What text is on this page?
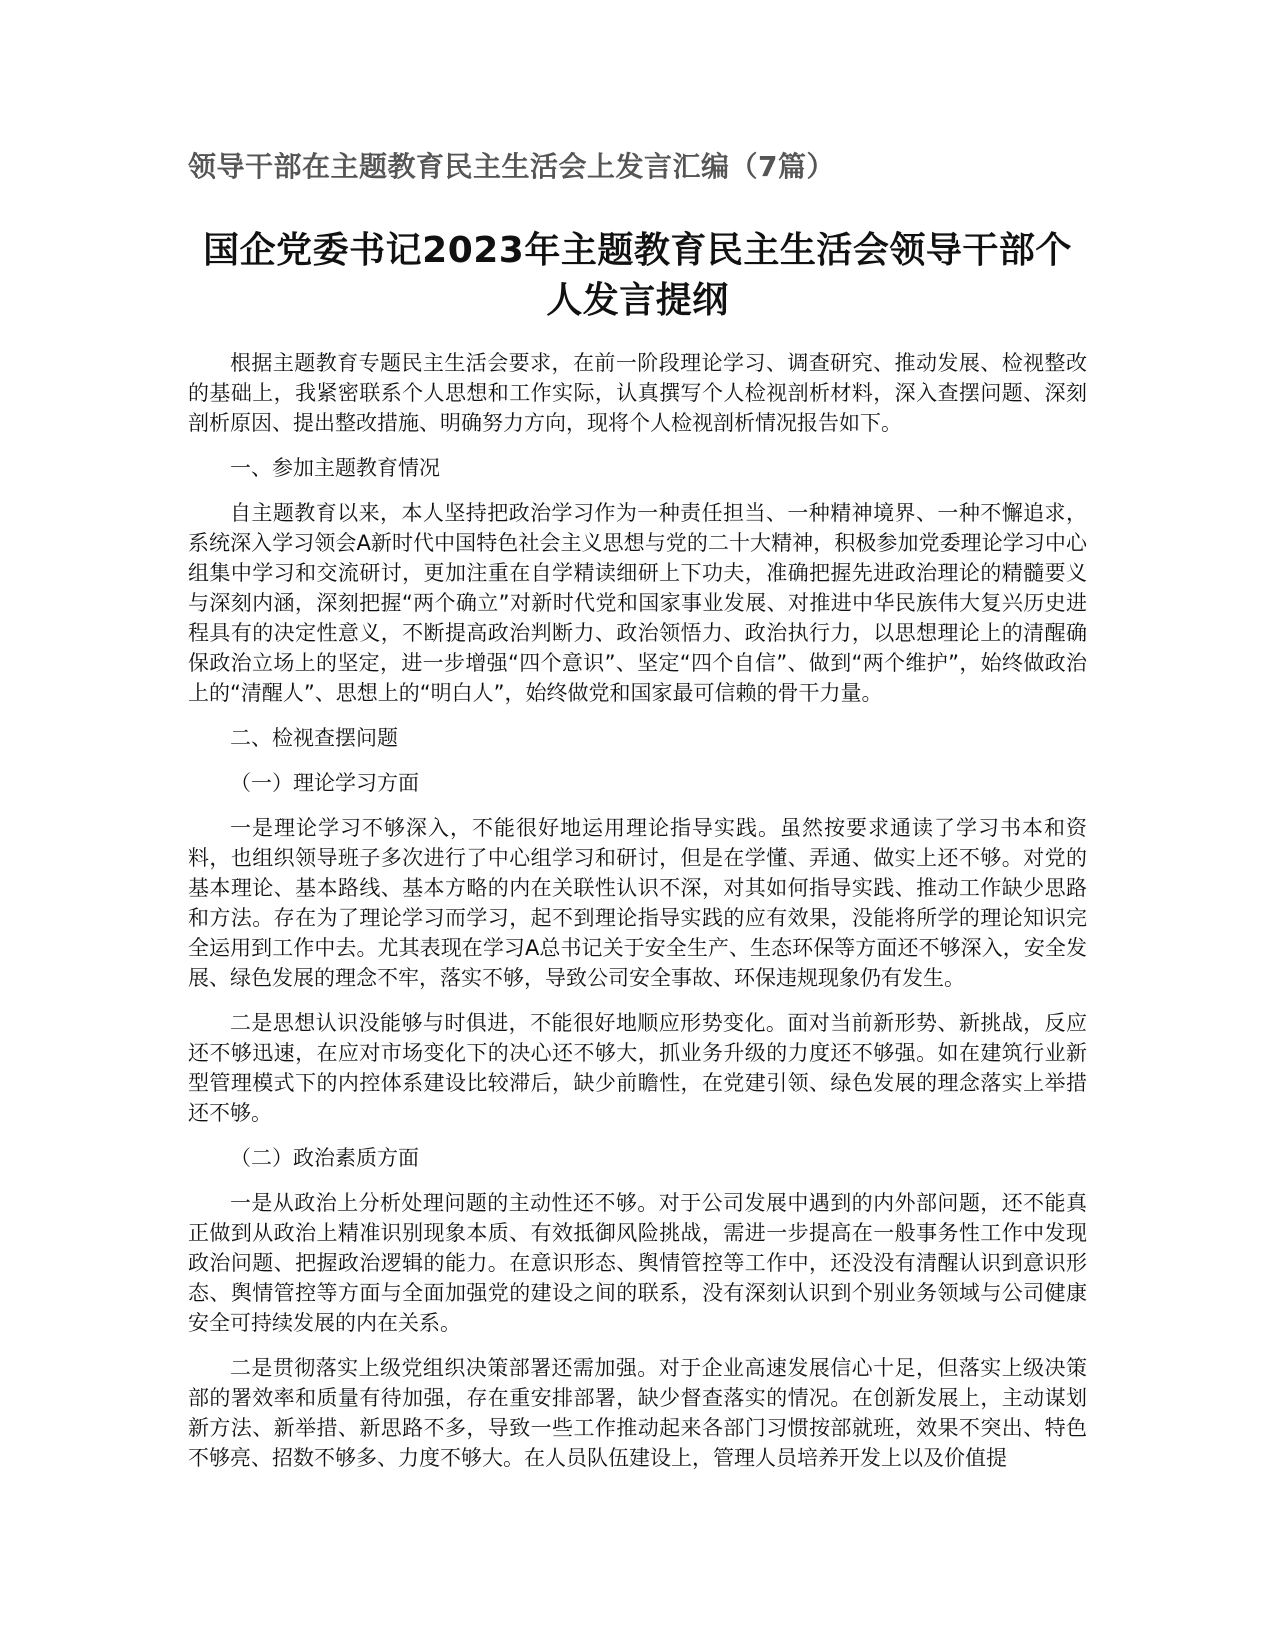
领导干部在主题教育民主生活会上发言汇编（7篇）
国企党委书记2023年主题教育民主生活会领导干部个人发言提纲

根据主题教育专题民主生活会要求，在前一阶段理论学习、调查研究、推动发展、检视整改的基础上，我紧密联系个人思想和工作实际，认真撰写个人检视剖析材料，深入查摆问题、深刻剖析原因、提出整改措施、明确努力方向，现将个人检视剖析情况报告如下。

一、参加主题教育情况

自主题教育以来，本人坚持把政治学习作为一种责任担当、一种精神境界、一种不懈追求，系统深入学习领会A新时代中国特色社会主义思想与党的二十大精神，积极参加党委理论学习中心组集中学习和交流研讨，更加注重在自学精读细研上下功夫，准确把握先进政治理论的精髓要义与深刻内涵，深刻把握“两个确立”对新时代党和国家事业发展、对推进中华民族伟大复兴历史进程具有的决定性意义，不断提高政治判断力、政治领悟力、政治执行力，以思想理论上的清醒确保政治立场上的坚定，进一步增强“四个意识”、坚定“四个自信”、做到“两个维护”，始终做政治上的“清醒人”、思想上的“明白人”，始终做党和国家最可信赖的骨干力量。

二、检视查摆问题

（一）理论学习方面

一是理论学习不够深入，不能很好地运用理论指导实践。虽然按要求通读了学习书本和资料，也组织领导班子多次进行了中心组学习和研讨，但是在学懂、弄通、做实上还不够。对党的基本理论、基本路线、基本方略的内在关联性认识不深，对其如何指导实践、推动工作缺少思路和方法。存在为了理论学习而学习，起不到理论指导实践的应有效果，没能将所学的理论知识完全运用到工作中去。尤其表现在学习A总书记关于安全生产、生态环保等方面还不够深入，安全发展、绿色发展的理念不牢，落实不够，导致公司安全事故、环保违规现象仍有发生。

二是思想认识没能够与时俱进，不能很好地顺应形势变化。面对当前新形势、新挑战，反应还不够迅速，在应对市场变化下的决心还不够大，抓业务升级的力度还不够强。如在建筑行业新型管理模式下的内控体系建设比较滞后，缺少前瞻性，在党建引领、绿色发展的理念落实上举措还不够。

（二）政治素质方面

一是从政治上分析处理问题的主动性还不够。对于公司发展中遇到的内外部问题，还不能真正做到从政治上精准识别现象本质、有效抵御风险挑战，需进一步提高在一般事务性工作中发现政治问题、把握政治逻辑的能力。在意识形态、舆情管控等工作中，还没没有清醒认识到意识形态、舆情管控等方面与全面加强党的建设之间的联系，没有深刻认识到个别业务领域与公司健康安全可持续发展的内在关系。

二是贯彻落实上级党组织决策部署还需加强。对于企业高速发展信心十足，但落实上级决策部的署效率和质量有待加强，存在重安排部署，缺少督查落实的情况。在创新发展上，主动谋划新方法、新举措、新思路不多，导致一些工作推动起来各部门习惯按部就班，效果不突出、特色不够亮、招数不够多、力度不够大。在人员队伍建设上，管理人员培养开发上以及价值提
